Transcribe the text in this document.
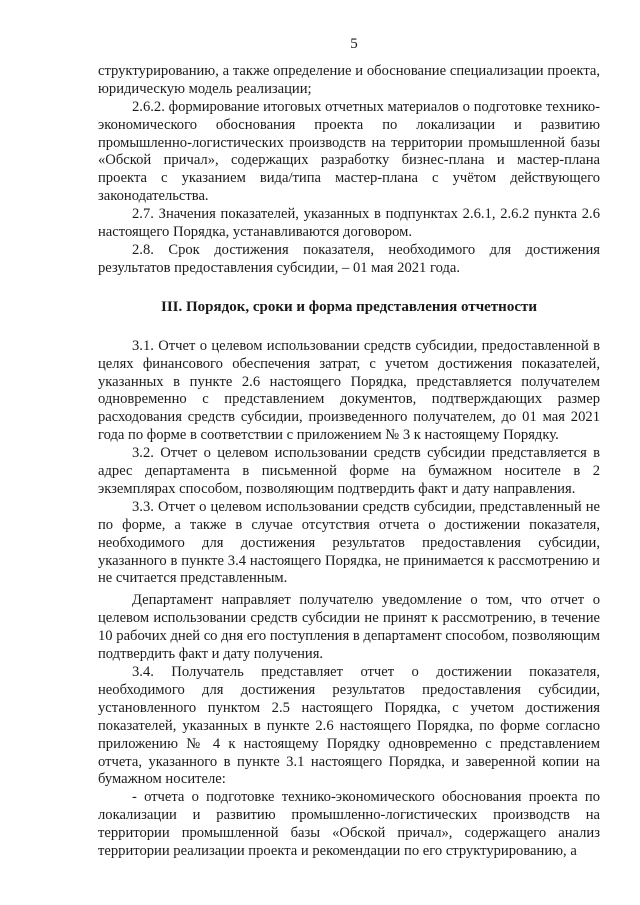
5

структурированию, а также определение и обоснование специализации проекта, юридическую модель реализации;

2.6.2. формирование итоговых отчетных материалов о подготовке технико-экономического обоснования проекта по локализации и развитию промышленно-логистических производств на территории промышленной базы «Обской причал», содержащих разработку бизнес-плана и мастер-плана проекта с указанием вида/типа мастер-плана с учётом действующего законодательства.

2.7. Значения показателей, указанных в подпунктах 2.6.1, 2.6.2 пункта 2.6 настоящего Порядка, устанавливаются договором.

2.8. Срок достижения показателя, необходимого для достижения результатов предоставления субсидии, – 01 мая 2021 года.

III. Порядок, сроки и форма представления отчетности

3.1. Отчет о целевом использовании средств субсидии, предоставленной в целях финансового обеспечения затрат, с учетом достижения показателей, указанных в пункте 2.6 настоящего Порядка, представляется получателем одновременно с представлением документов, подтверждающих размер расходования средств субсидии, произведенного получателем, до 01 мая 2021 года по форме в соответствии с приложением № 3 к настоящему Порядку.

3.2. Отчет о целевом использовании средств субсидии представляется в адрес департамента в письменной форме на бумажном носителе в 2 экземплярах способом, позволяющим подтвердить факт и дату направления.

3.3. Отчет о целевом использовании средств субсидии, представленный не по форме, а также в случае отсутствия отчета о достижении показателя, необходимого для достижения результатов предоставления субсидии, указанного в пункте 3.4 настоящего Порядка, не принимается к рассмотрению и не считается представленным.

Департамент направляет получателю уведомление о том, что отчет о целевом использовании средств субсидии не принят к рассмотрению, в течение 10 рабочих дней со дня его поступления в департамент способом, позволяющим подтвердить факт и дату получения.

3.4. Получатель представляет отчет о достижении показателя, необходимого для достижения результатов предоставления субсидии, установленного пунктом 2.5 настоящего Порядка, с учетом достижения показателей, указанных в пункте 2.6 настоящего Порядка, по форме согласно приложению № 4 к настоящему Порядку одновременно с представлением отчета, указанного в пункте 3.1 настоящего Порядка, и заверенной копии на бумажном носителе:

- отчета о подготовке технико-экономического обоснования проекта по локализации и развитию промышленно-логистических производств на территории промышленной базы «Обской причал», содержащего анализ территории реализации проекта и рекомендации по его структурированию, а
